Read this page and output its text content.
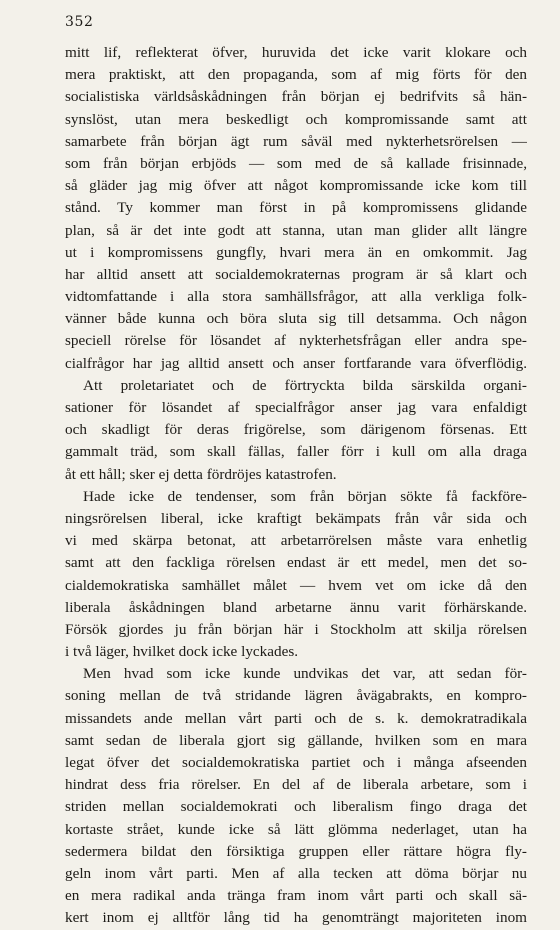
352
mitt lif, reflekterat öfver, huruvida det icke varit klokare och
mera praktiskt, att den propaganda, som af mig förts för den
socialistiska världsåskådningen från början ej bedrifvits så hän-
synslöst, utan mera beskedligt och kompromissande samt att
samarbete från början ägt rum såväl med nykterhetsrörelsen —
som från början erbjöds — som med de så kallade frisinnade,
så gläder jag mig öfver att något kompromissande icke kom till
stånd. Ty kommer man först in på kompromissens glidande
plan, så är det inte godt att stanna, utan man glider allt längre
ut i kompromissens gungfly, hvari mera än en omkommit. Jag
har alltid ansett att socialdemokraternas program är så klart och
vidtomfattande i alla stora samhällsfrågor, att alla verkliga folk-
vänner både kunna och böra sluta sig till detsamma. Och någon
speciell rörelse för lösandet af nykterhetsfrågan eller andra spe-
cialfrågor har jag alltid ansett och anser fortfarande vara öfverflödig.
Att proletariatet och de förtryckta bilda särskilda organi-
sationer för lösandet af specialfrågor anser jag vara enfaldigt
och skadligt för deras frigörelse, som därigenom försenas. Ett
gammalt träd, som skall fällas, faller förr i kull om alla draga
åt ett håll; sker ej detta fördröjes katastrofen.
Hade icke de tendenser, som från början sökte få fackföre-
ningsrörelsen liberal, icke kraftigt bekämpats från vår sida och
vi med skärpa betonat, att arbetarrörelsen måste vara enhetlig
samt att den fackliga rörelsen endast är ett medel, men det so-
cialdemokratiska samhället målet — hvem vet om icke då den
liberala åskådningen bland arbetarne ännu varit förhärskande.
Försök gjordes ju från början här i Stockholm att skilja rörelsen
i två läger, hvilket dock icke lyckades.
Men hvad som icke kunde undvikas det var, att sedan för-
soning mellan de två stridande lägren åvägabrakts, en kompro-
missandets ande mellan vårt parti och de s. k. demokratradikala
samt sedan de liberala gjort sig gällande, hvilken som en mara
legat öfver det socialdemokratiska partiet och i många afseenden
hindrat dess fria rörelser. En del af de liberala arbetare, som i
striden mellan socialdemokrati och liberalism fingo draga det
kortaste strået, kunde icke så lätt glömma nederlaget, utan ha
sedermera bildat den försiktiga gruppen eller rättare högra fly-
geln inom vårt parti. Men af alla tecken att döma börjar nu
en mera radikal anda tränga fram inom vårt parti och skall sä-
kert inom ej alltför lång tid ha genomträngt majoriteten inom
